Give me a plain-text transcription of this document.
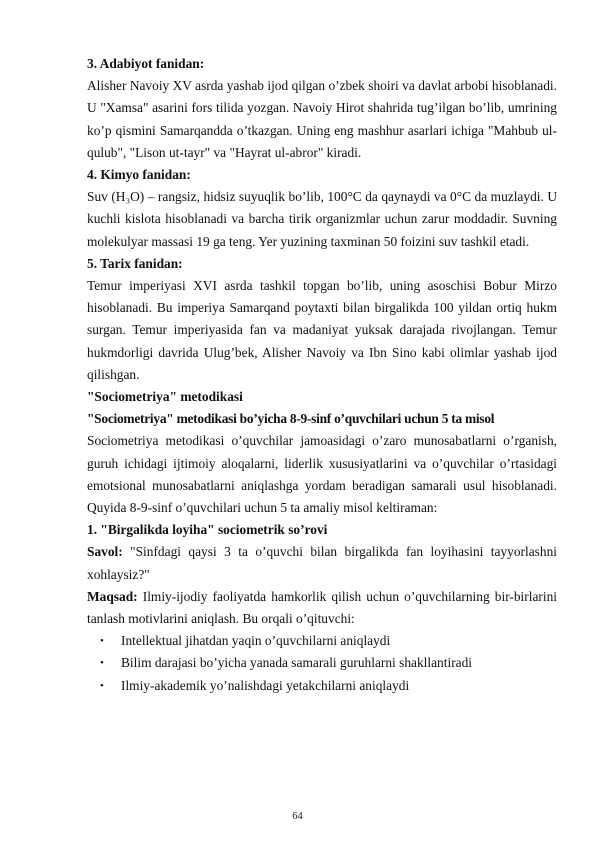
3. Adabiyot fanidan:

Alisher Navoiy XV asrda yashab ijod qilgan o’zbek shoiri va davlat arbobi hisoblanadi. U "Xamsa" asarini fors tilida yozgan. Navoiy Hirot shahrida tug’ilgan bo’lib, umrining ko’p qismini Samarqandda o’tkazgan. Uning eng mashhur asarlari ichiga "Mahbub ul-qulub", "Lison ut-tayr" va "Hayrat ul-abror" kiradi.

4. Kimyo fanidan:

Suv (H₃O) – rangsiz, hidsiz suyuqlik bo’lib, 100°C da qaynaydi va 0°C da muzlaydi. U kuchli kislota hisoblanadi va barcha tirik organizmlar uchun zarur moddadir. Suvning molekulyar massasi 19 ga teng. Yer yuzining taxminan 50 foizini suv tashkil etadi.

5. Tarix fanidan:

Temur imperiyasi XVI asrda tashkil topgan bo’lib, uning asoschisi Bobur Mirzo hisoblanadi. Bu imperiya Samarqand poytaxti bilan birgalikda 100 yildan ortiq hukm surgan. Temur imperiyasida fan va madaniyat yuksak darajada rivojlangan. Temur hukmdorligi davrida Ulug’bek, Alisher Navoiy va Ibn Sino kabi olimlar yashab ijod qilishgan.

"Sociometriya" metodikasi

"Sociometriya" metodikasi bo’yicha 8-9-sinf o’quvchilari uchun 5 ta misol

Sociometriya metodikasi o’quvchilar jamoasidagi o’zaro munosabatlarni o’rganish, guruh ichidagi ijtimoiy aloqalarni, liderlik xususiyatlarini va o’quvchilar o’rtasidagi emotsional munosabatlarni aniqlashga yordam beradigan samarali usul hisoblanadi. Quyida 8-9-sinf o’quvchilari uchun 5 ta amaliy misol keltiraman:

1. "Birgalikda loyiha" sociometrik so’rovi

Savol: "Sinfdagi qaysi 3 ta o’quvchi bilan birgalikda fan loyihasini tayyorlashni xohlaysiz?"

Maqsad: Ilmiy-ijodiy faoliyatda hamkorlik qilish uchun o’quvchilarning bir-birlarini tanlash motivlarini aniqlash. Bu orqali o’qituvchi:

• Intellektual jihatdan yaqin o’quvchilarni aniqlaydi
• Bilim darajasi bo’yicha yanada samarali guruhlarni shakllantiradi
• Ilmiy-akademik yo’nalishdagi yetakchilarni aniqlaydi
64
